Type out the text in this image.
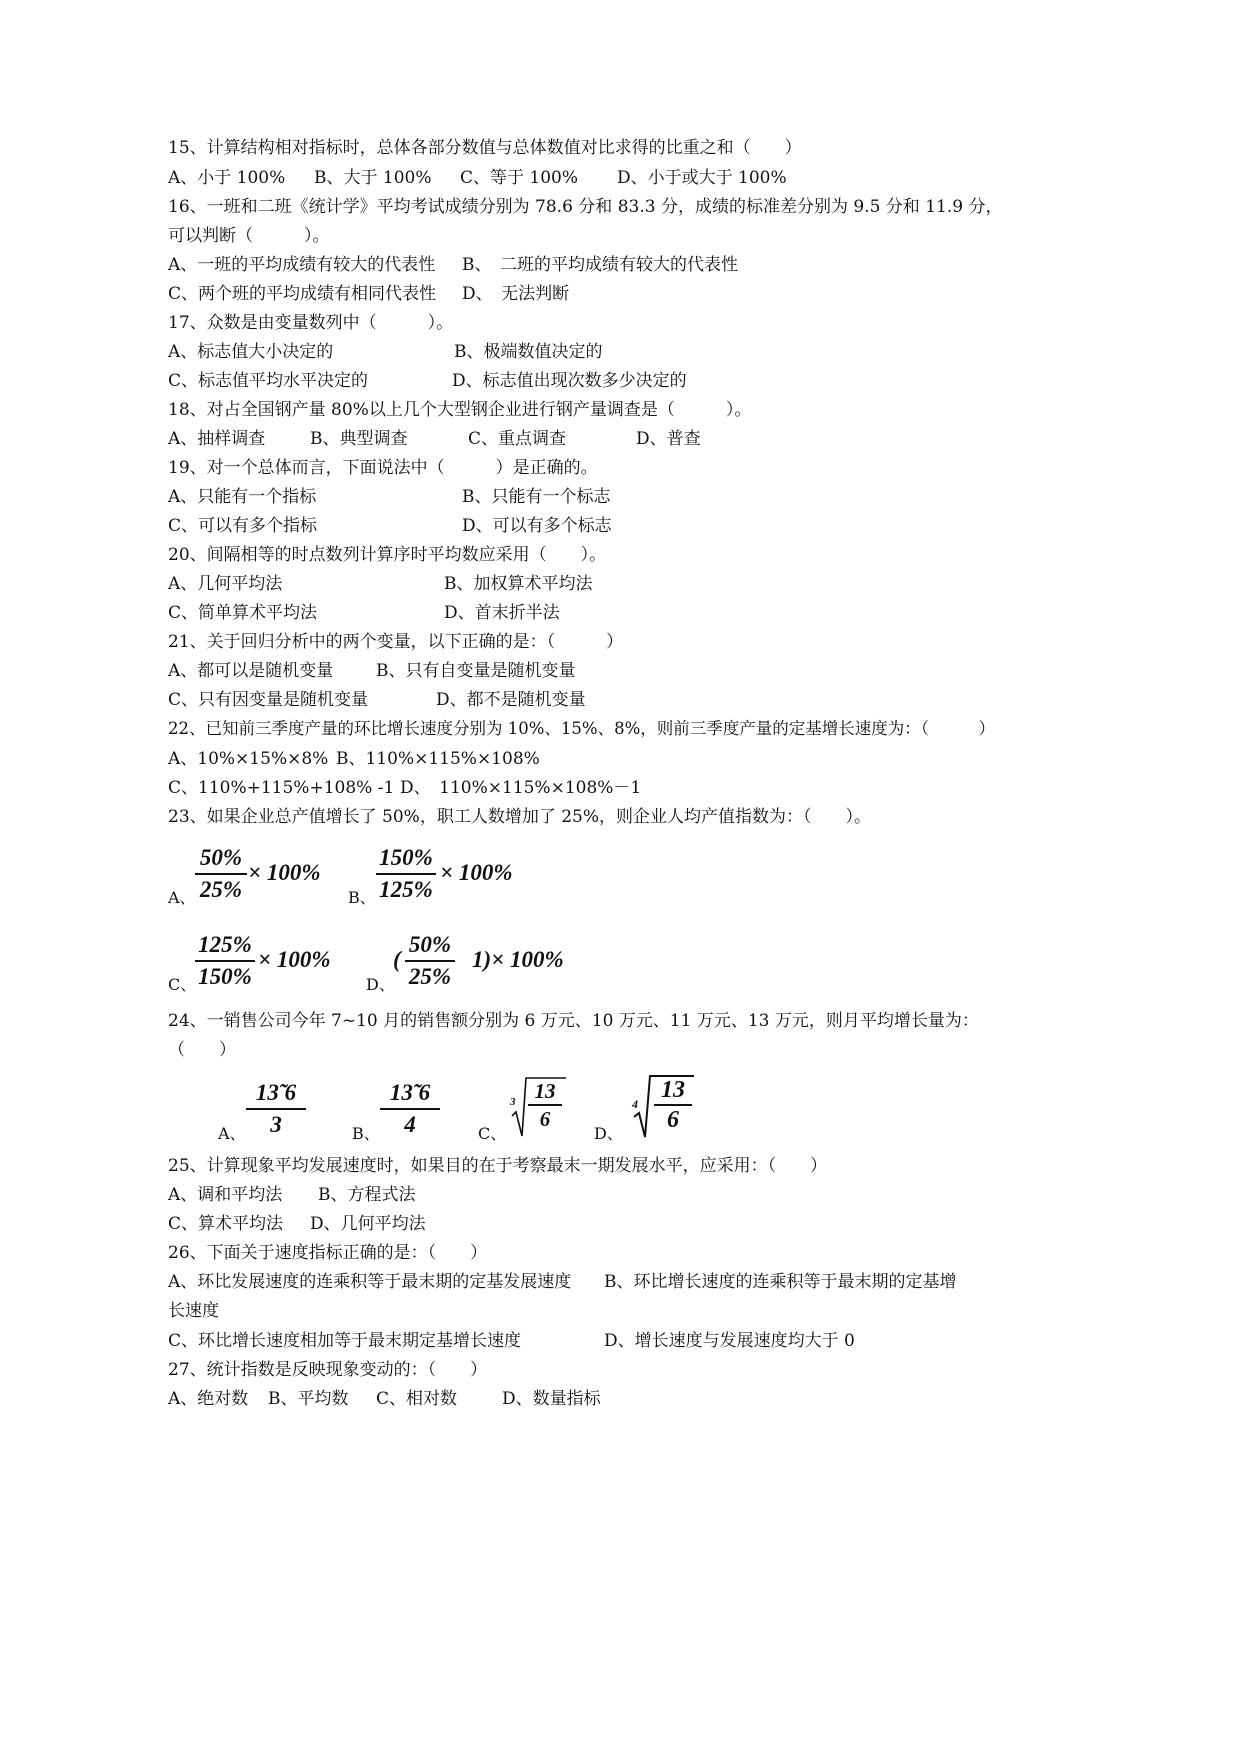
15、计算结构相对指标时，总体各部分数值与总体数值对比求得的比重之和（　　）
A、小于 100% B、大于 100% C、等于 100% D、小于或大于 100%
16、一班和二班《统计学》平均考试成绩分别为 78.6 分和 83.3 分，成绩的标准差分别为 9.5 分和 11.9 分，
可以判断（　　　）。
A、一班的平均成绩有较大的代表性 B、　二班的平均成绩有较大的代表性
C、两个班的平均成绩有相同代表性 D、　无法判断
17、众数是由变量数列中（　　　）。
A、标志值大小决定的	B、极端数值决定的
C、标志值平均水平决定的	D、标志值出现次数多少决定的
18、对占全国钢产量 80%以上几个大型钢企业进行钢产量调查是（　　　）。
A、抽样调查	B、典型调查	C、重点调查	D、普查
19、对一个总体而言，下面说法中（　　　）是正确的。
A、只能有一个指标	B、只能有一个标志
C、可以有多个指标	D、可以有多个标志
20、间隔相等的时点数列计算序时平均数应采用（　　）。
A、几何平均法	B、加权算术平均法
C、简单算术平均法	D、首末折半法
21、关于回归分析中的两个变量，以下正确的是：（　　　）
A、都可以是随机变量	B、只有自变量是随机变量
C、只有因变量是随机变量	D、都不是随机变量
22、已知前三季度产量的环比增长速度分别为 10%、15%、8%，则前三季度产量的定基增长速度为：（　　　）
A、10%×15%×8% B、110%×115%×108%
C、110%+115%+108% -1 D、　110%×115%×108%－1
23、如果企业总产值增长了 50%，职工人数增加了 25%，则企业人均产值指数为：（　　）。
A、
50%
25%
× 100%
B、
150%
125%
× 100%
C、
125%
150%
× 100%
D、
(
50%
25%
1)× 100%
24、一销售公司今年 7~10 月的销售额分别为 6 万元、10 万元、11 万元、13 万元，则月平均增长量为：
（　　）
A、
13̃ 6
3	B、
13̃ 6
4	C、
3 13
6
D、
4
13
6
25、计算现象平均发展速度时，如果目的在于考察最末一期发展水平，应采用：（　　）
A、调和平均法 B、方程式法
C、算术平均法 D、几何平均法
26、下面关于速度指标正确的是：（　　）
A、环比发展速度的连乘积等于最末期的定基发展速度 B、环比增长速度的连乘积等于最末期的定基增
长速度
C、环比增长速度相加等于最末期定基增长速度	D、增长速度与发展速度均大于 0
27、统计指数是反映现象变动的：（　　）
A、绝对数 B、平均数 C、相对数	D、数量指标
